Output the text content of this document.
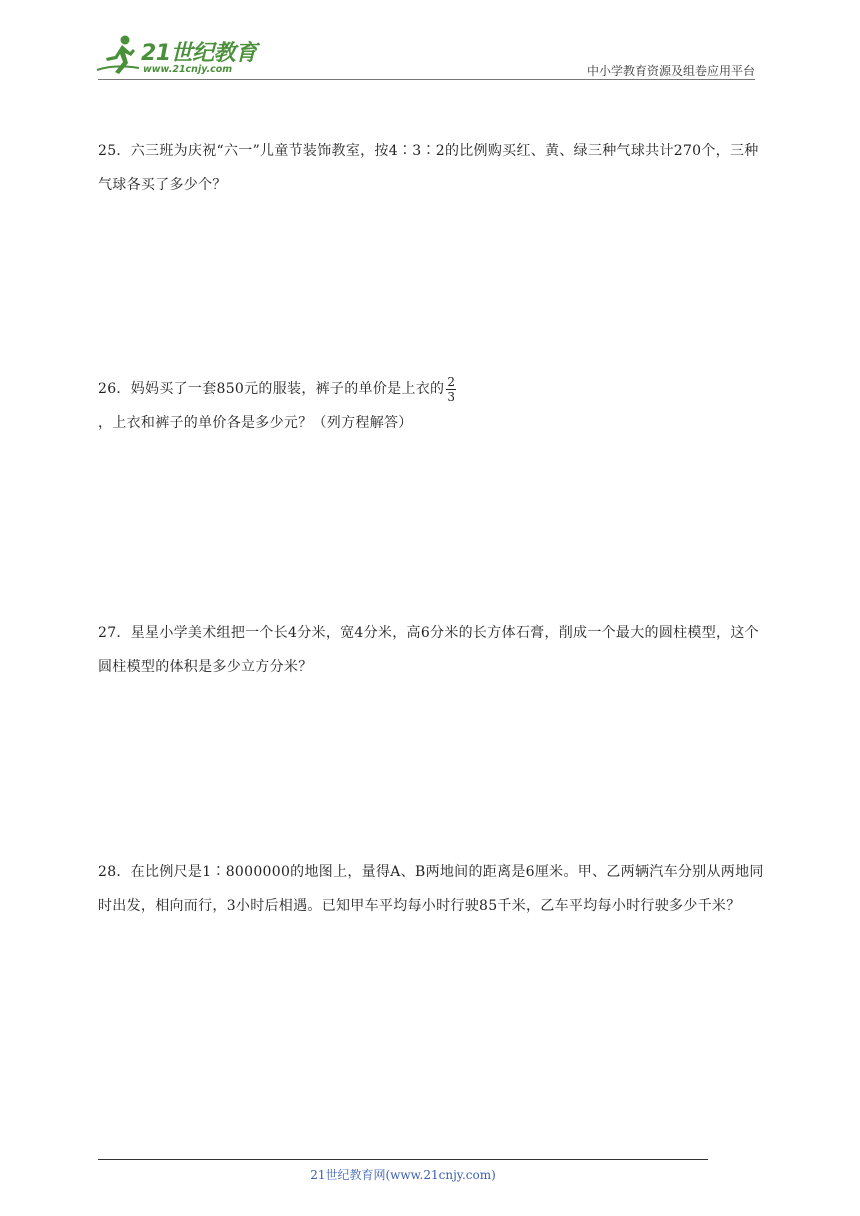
21世纪教育
www.21cnjy.com	中小学教育资源及组卷应用平台
25．六三班为庆祝“六一”儿童节装饰教室，按4∶3∶2的比例购买红、黄、绿三种气球共计270个，三种气球各买了多少个？
26．妈妈买了一套850元的服装，裤子的单价是上衣的 $\frac{2}{3}$
，上衣和裤子的单价各是多少元？（列方程解答）
27．星星小学美术组把一个长4分米，宽4分米，高6分米的长方体石膏，削成一个最大的圆柱模型，这个圆柱模型的体积是多少立方分米？
28．在比例尺是1∶8000000的地图上，量得A、B两地间的距离是6厘米。甲、乙两辆汽车分别从两地同时出发，相向而行，3小时后相遇。已知甲车平均每小时行驶85千米，乙车平均每小时行驶多少千米？
21世纪教育网(www.21cnjy.com)
